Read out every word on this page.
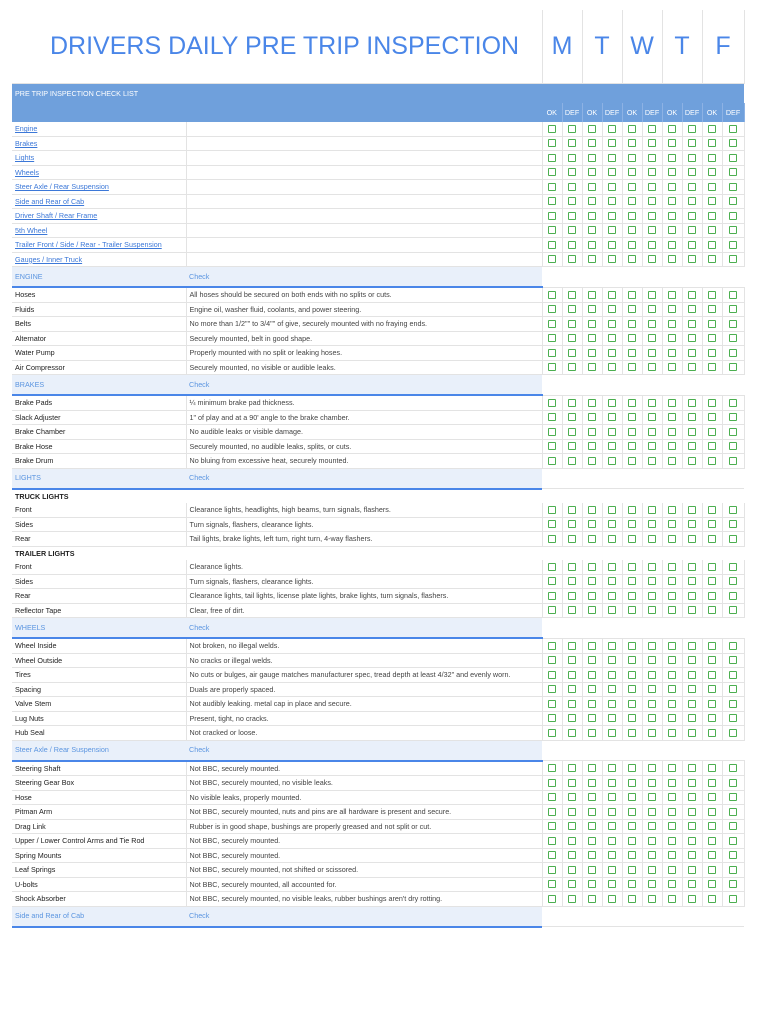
DRIVERS DAILY PRE TRIP INSPECTION		M		T		W		T		F	
PRE TRIP INSPECTION CHECK LIST											
		OK	DEF	OK	DEF	OK	DEF	OK	DEF	OK	DEF
Engine											
Brakes											
Lights											
Wheels											
Steer Axle / Rear Suspension											
Side and Rear of Cab											
Driver Shaft / Rear Frame											
5th Wheel											
Trailer Front / Side / Rear - Trailer Suspension											
Gauges / Inner Truck											
ENGINE	Check										
Hoses	All hoses should be secured on both ends with no splits or cuts.										
Fluids	Engine oil, washer fluid, coolants, and power steering.										
Belts	No more than 1/2"" to 3/4"" of give, securely mounted with no fraying ends.										
Alternator	Securely mounted, belt in good shape.										
Water Pump	Properly mounted with no split or leaking hoses.										
Air Compressor	Securely mounted, no visible or audible leaks.										
BRAKES	Check										
Brake Pads	¼ minimum brake pad thickness.										
Slack Adjuster	1" of play and at a 90' angle to the brake chamber.										
Brake Chamber	No audible leaks or visible damage.										
Brake Hose	Securely mounted, no audible leaks, splits, or cuts.										
Brake Drum	No bluing from excessive heat, securely mounted.										
LIGHTS	Check										
TRUCK LIGHTS											
Front	Clearance lights, headlights, high beams, turn signals, flashers.										
Sides	Turn signals, flashers, clearance lights.										
Rear	Tail lights, brake lights, left turn, right turn, 4-way flashers.										
TRAILER LIGHTS											
Front	Clearance lights.										
Sides	Turn signals, flashers, clearance lights.										
Rear	Clearance lights, tail lights, license plate lights, brake lights, turn signals, flashers.										
Reflector Tape	Clear, free of dirt.										
WHEELS	Check										
Wheel Inside	Not broken, no illegal welds.										
Wheel Outside	No cracks or illegal welds.										
Tires	No cuts or bulges, air gauge matches manufacturer spec, tread depth at least 4/32" and evenly worn.										
Spacing	Duals are properly spaced.										
Valve Stem	Not audibly leaking. metal cap in place and secure.										
Lug Nuts	Present, tight, no cracks.										
Hub Seal	Not cracked or loose.										
Steer Axle / Rear Suspension	Check										
Steering Shaft	Not BBC, securely mounted.										
Steering Gear Box	Not BBC, securely mounted, no visible leaks.										
Hose	No visible leaks, properly mounted.										
Pitman Arm	Not BBC, securely mounted, nuts and pins are all hardware is present and secure.										
Drag Link	Rubber is in good shape, bushings are properly greased and not split or cut.										
Upper / Lower Control Arms and Tie Rod	Not BBC, securely mounted.										
Spring Mounts	Not BBC, securely mounted.										
Leaf Springs	Not BBC, securely mounted, not shifted or scissored.										
U-bolts	Not BBC, securely mounted, all accounted for.										
Shock Absorber	Not BBC, securely mounted, no visible leaks, rubber bushings aren't dry rotting.										
Side and Rear of Cab	Check										
